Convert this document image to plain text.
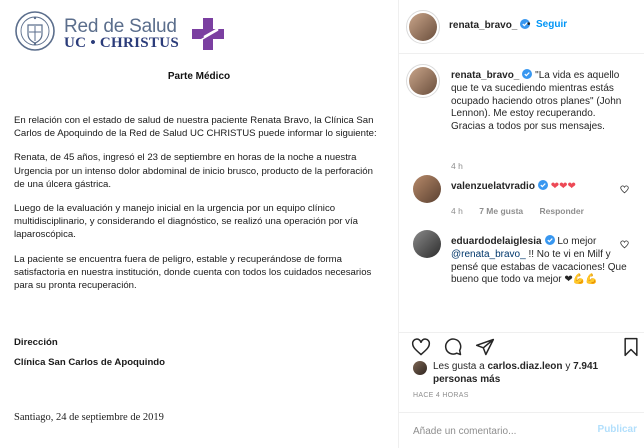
Red de Salud
UC • CHRISTUS
Parte Médico

En relación con el estado de salud de nuestra paciente Renata Bravo, la Clínica San Carlos de Apoquindo de la Red de Salud UC CHRISTUS puede informar lo siguiente:

Renata, de 45 años, ingresó el 23 de septiembre en horas de la noche a nuestra Urgencia por un intenso dolor abdominal de inicio brusco, producto de la perforación de una úlcera gástrica.

Luego de la evaluación y manejo inicial en la urgencia por un equipo clínico multidisciplinario, y considerando el diagnóstico, se realizó una operación por vía laparoscópica.

La paciente se encuentra fuera de peligro, estable y recuperándose de forma satisfactoria en nuestra institución, donde cuenta con todos los cuidados necesarios para su pronta recuperación.

Dirección
Clínica San Carlos de Apoquindo
Santiago, 24 de septiembre de 2019
renata_bravo_ • Seguir
renata_bravo_ "La vida es aquello que te va sucediendo mientras estás ocupado haciendo otros planes" (John Lennon). Me estoy recuperando. Gracias a todos por sus mensajes.
4 h
valenzuelatvradio ❤❤❤
4 h 7 Me gusta Responder
eduardodelaiglesia Lo mejor @renata_bravo_ !! No te vi en Milf y pensé que estabas de vacaciones! Que bueno que todo va mejor ❤💪💪
Les gusta a carlos.diaz.leon y 7.941 personas más
HACE 4 HORAS
Añade un comentario...
Publicar
